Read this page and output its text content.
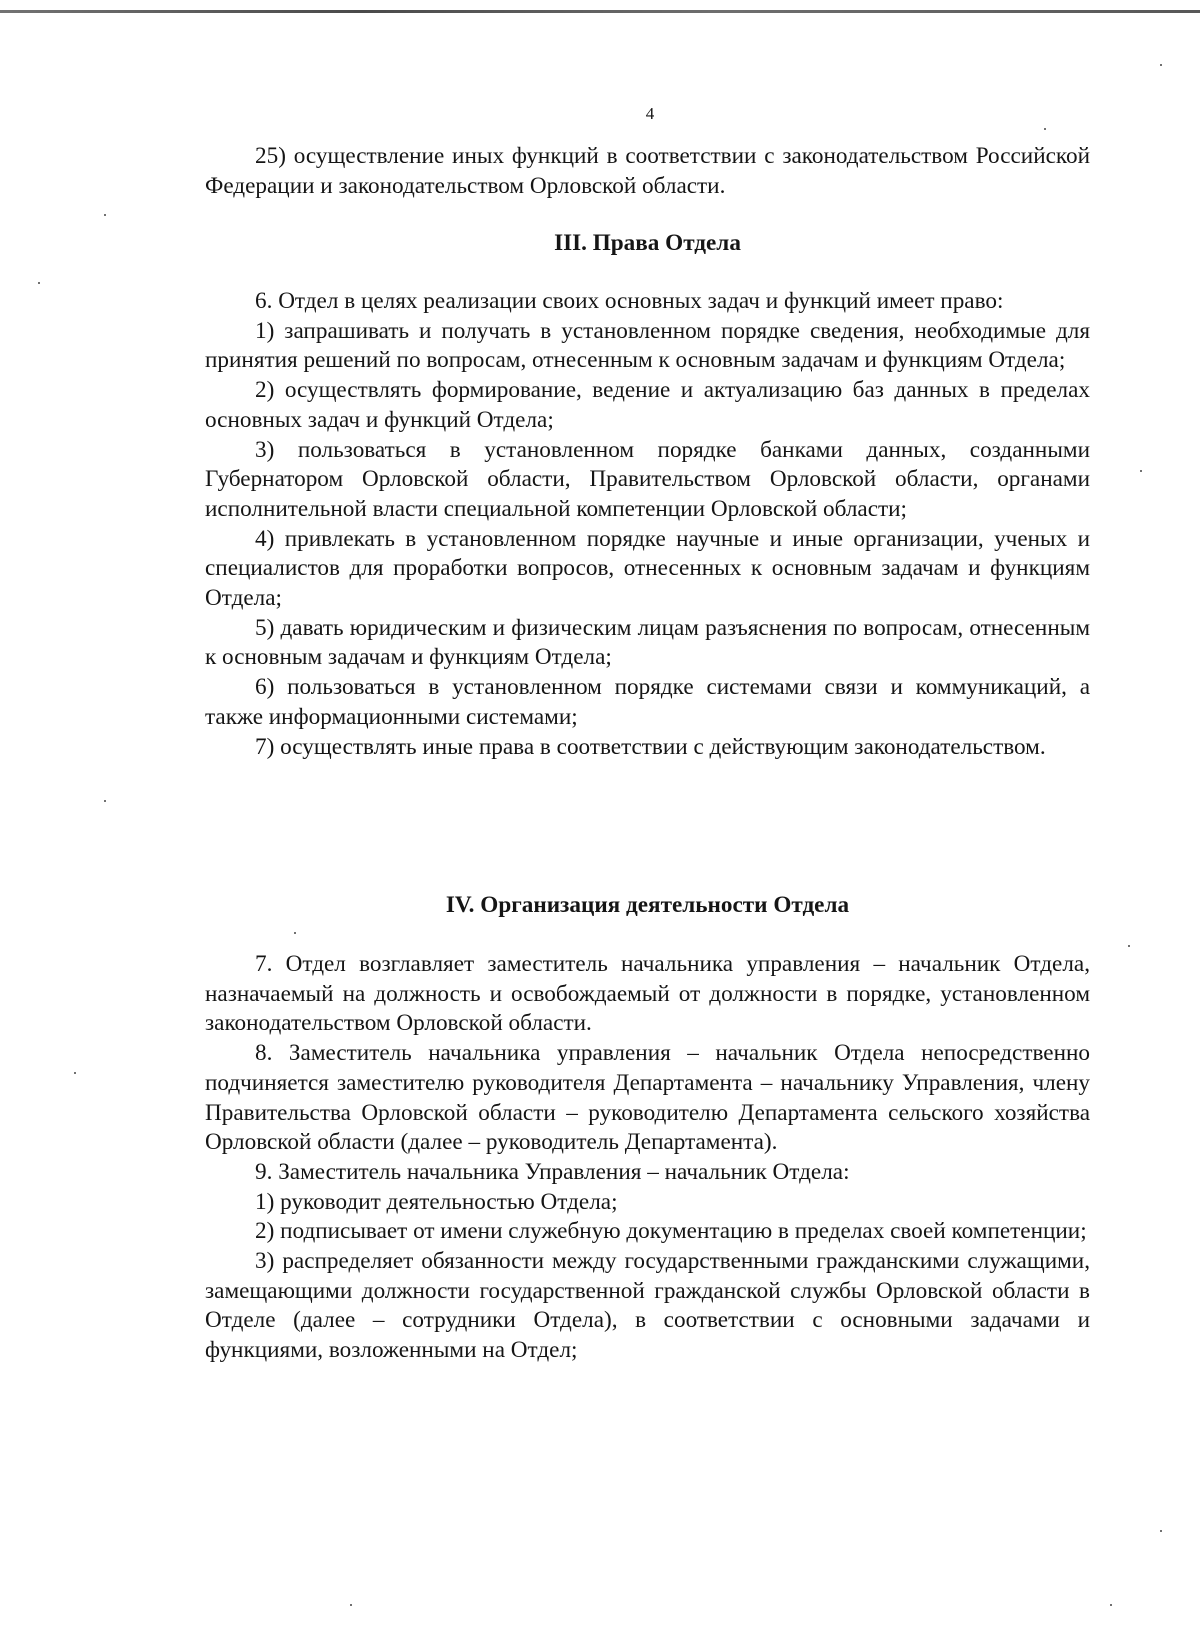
4

25) осуществление иных функций в соответствии с законодательством Российской Федерации и законодательством Орловской области.

III. Права Отдела

6. Отдел в целях реализации своих основных задач и функций имеет право:

1) запрашивать и получать в установленном порядке сведения, необходимые для принятия решений по вопросам, отнесенным к основным задачам и функциям Отдела;

2) осуществлять формирование, ведение и актуализацию баз данных в пределах основных задач и функций Отдела;

3) пользоваться в установленном порядке банками данных, созданными Губернатором Орловской области, Правительством Орловской области, органами исполнительной власти специальной компетенции Орловской области;

4) привлекать в установленном порядке научные и иные организации, ученых и специалистов для проработки вопросов, отнесенных к основным задачам и функциям Отдела;

5) давать юридическим и физическим лицам разъяснения по вопросам, отнесенным к основным задачам и функциям Отдела;

6) пользоваться в установленном порядке системами связи и коммуникаций, а также информационными системами;

7) осуществлять иные права в соответствии с действующим законодательством.

IV. Организация деятельности Отдела

7. Отдел возглавляет заместитель начальника управления – начальник Отдела, назначаемый на должность и освобождаемый от должности в порядке, установленном законодательством Орловской области.

8. Заместитель начальника управления – начальник Отдела непосредственно подчиняется заместителю руководителя Департамента – начальнику Управления, члену Правительства Орловской области – руководителю Департамента сельского хозяйства Орловской области (далее – руководитель Департамента).

9. Заместитель начальника Управления – начальник Отдела:

1) руководит деятельностью Отдела;

2) подписывает от имени служебную документацию в пределах своей компетенции;

3) распределяет обязанности между государственными гражданскими служащими, замещающими должности государственной гражданской службы Орловской области в Отделе (далее – сотрудники Отдела), в соответствии с основными задачами и функциями, возложенными на Отдел;
